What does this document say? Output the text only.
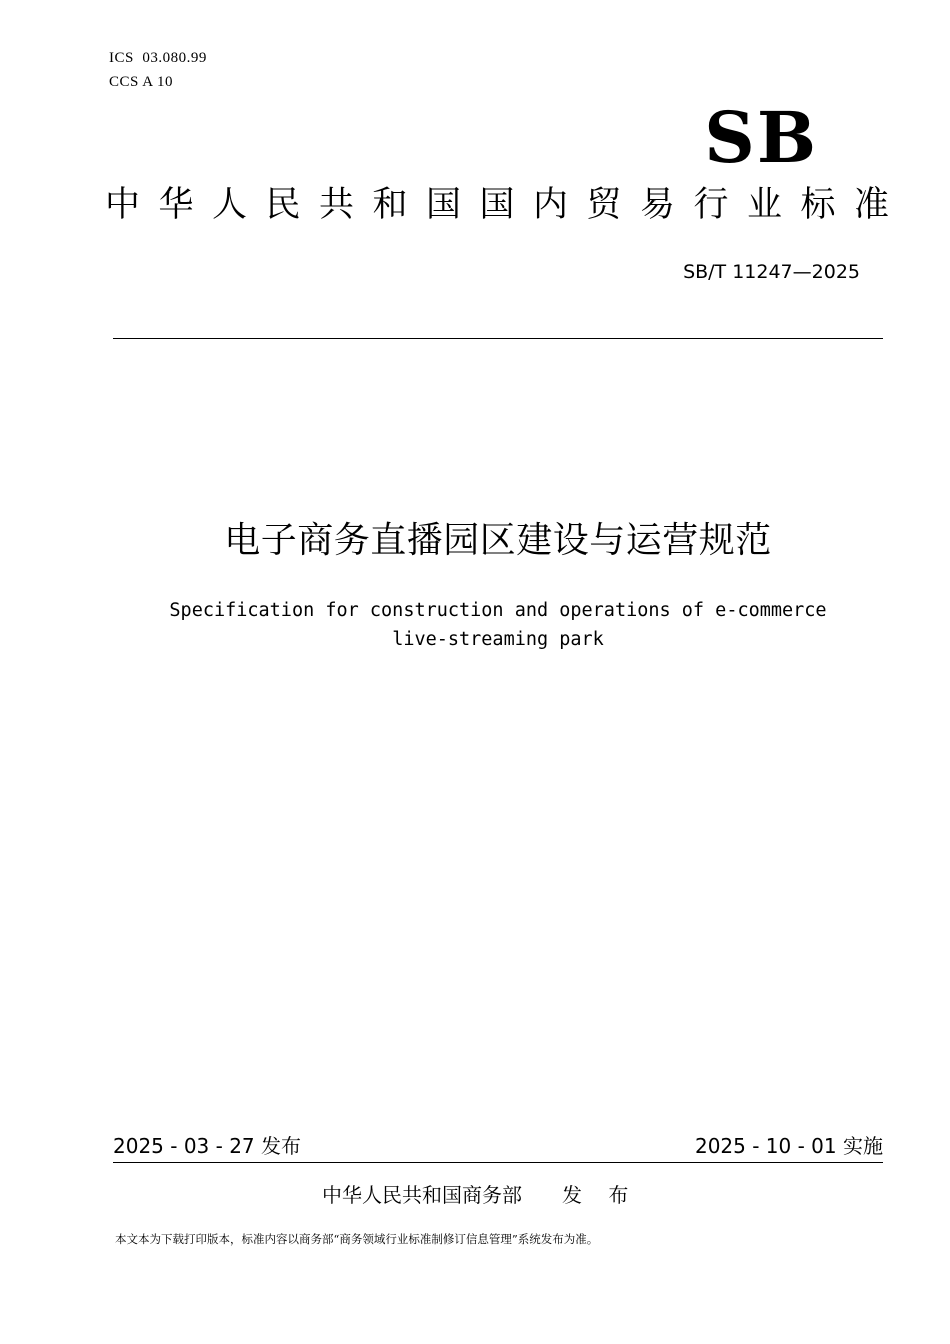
ICS  03.080.99
CCS A 10
SB
中华人民共和国国内贸易行业标准
SB/T 11247—2025
电子商务直播园区建设与运营规范
Specification for construction and operations of e-commerce
live-streaming park
2025 - 03 - 27 发布	2025 - 10 - 01 实施
中华人民共和国商务部 发 布
本文本为下载打印版本，标准内容以商务部“商务领域行业标准制修订信息管理”系统发布为准。
